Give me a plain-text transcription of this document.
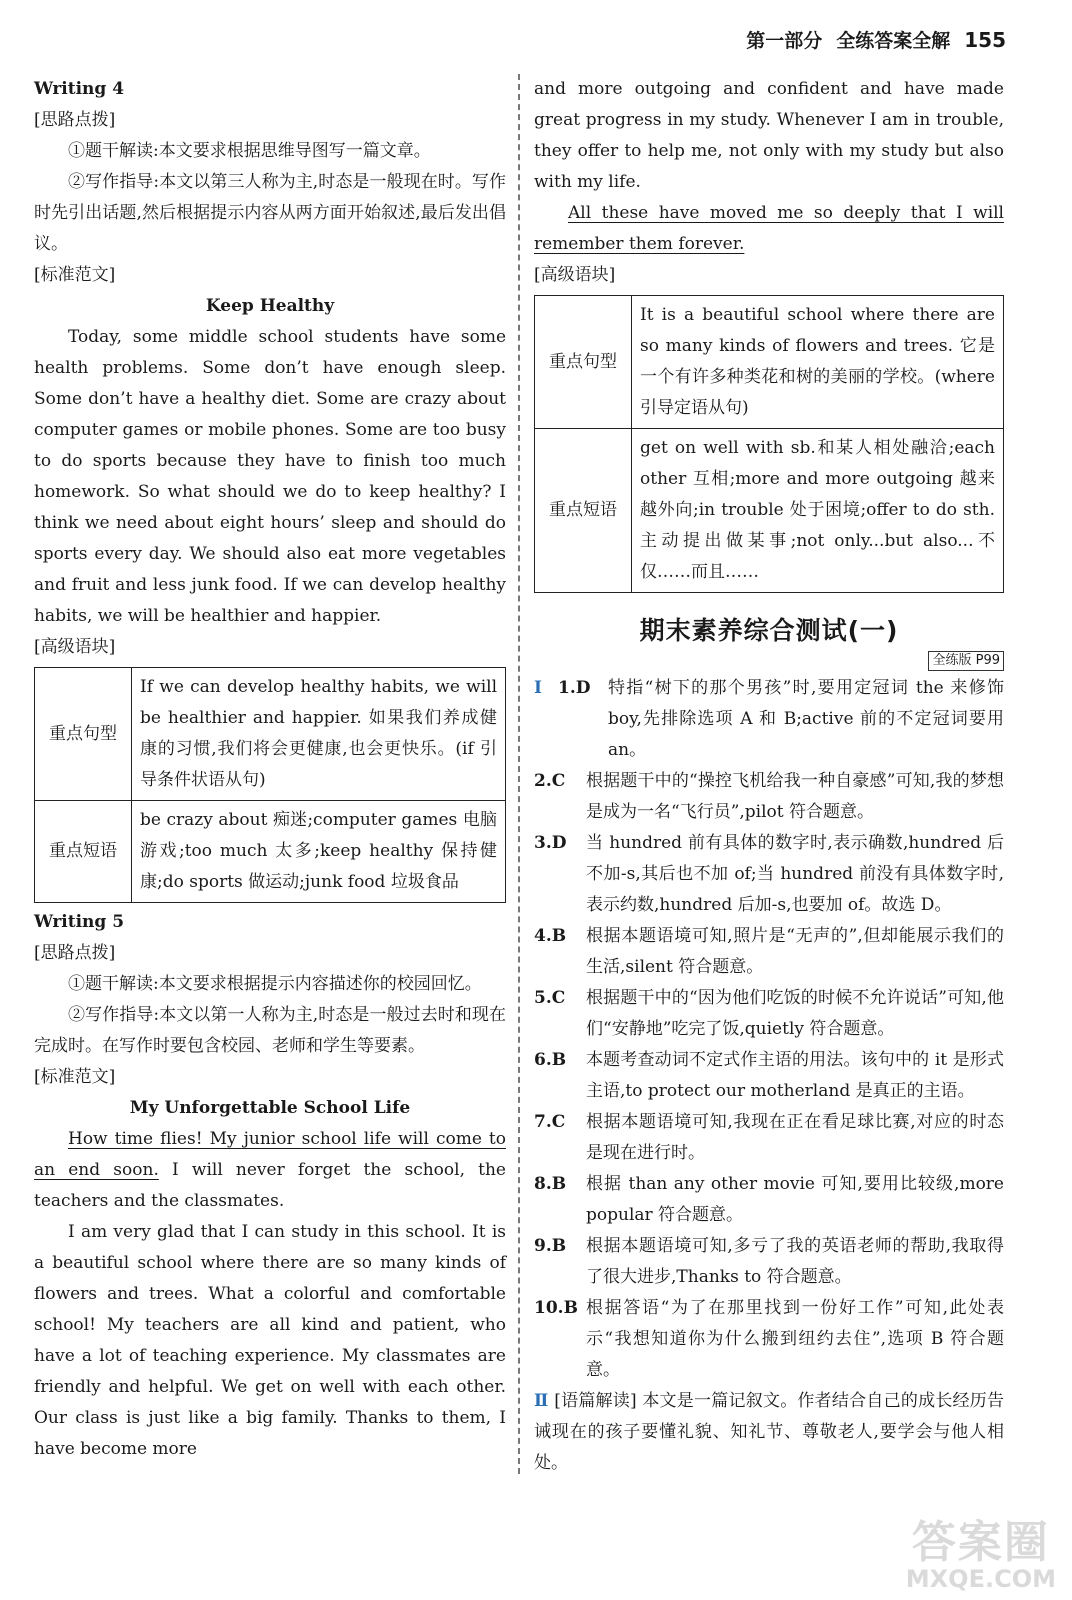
第一部分 全练答案全解 155
Writing 4
[思路点拨]

①题干解读:本文要求根据思维导图写一篇文章。

②写作指导:本文以第三人称为主,时态是一般现在时。写作时先引出话题,然后根据提示内容从两方面开始叙述,最后发出倡议。

[标准范文]
Keep Healthy

Today, some middle school students have some health problems. Some don’t have enough sleep. Some don’t have a healthy diet. Some are crazy about computer games or mobile phones. Some are too busy to do sports because they have to finish too much homework. So what should we do to keep healthy? I think we need about eight hours’ sleep and should do sports every day. We should also eat more vegetables and fruit and less junk food. If we can develop healthy habits, we will be healthier and happier.

[高级语块]
重点句型	If we can develop healthy habits, we will be healthier and happier. 如果我们养成健康的习惯,我们将会更健康,也会更快乐。(if 引导条件状语从句)
重点短语	be crazy about 痴迷;computer games 电脑游戏;too much 太多;keep healthy 保持健康;do sports 做运动;junk food 垃圾食品
Writing 5
[思路点拨]

①题干解读:本文要求根据提示内容描述你的校园回忆。

②写作指导:本文以第一人称为主,时态是一般过去时和现在完成时。在写作时要包含校园、老师和学生等要素。

[标准范文]
My Unforgettable School Life

How time flies! My junior school life will come to an end soon. I will never forget the school, the teachers and the classmates.

I am very glad that I can study in this school. It is a beautiful school where there are so many kinds of flowers and trees. What a colorful and comfortable school! My teachers are all kind and patient, who have a lot of teaching experience. My classmates are friendly and helpful. We get on well with each other. Our class is just like a big family. Thanks to them, I have become more

and more outgoing and confident and have made great progress in my study. Whenever I am in trouble, they offer to help me, not only with my study but also with my life.

All these have moved me so deeply that I will remember them forever.

[高级语块]
重点句型	It is a beautiful school where there are so many kinds of flowers and trees. 它是一个有许多种类花和树的美丽的学校。(where 引导定语从句)
重点短语	get on well with sb.和某人相处融洽;each other 互相;more and more outgoing 越来越外向;in trouble 处于困境;offer to do sth.主动提出做某事;not only...but also...不仅……而且……
期末素养综合测试(一)
全练版 P99
Ⅰ 1.D	特指“树下的那个男孩”时,要用定冠词 the 来修饰 boy,先排除选项 A 和 B;active 前的不定冠词要用 an。
2.C	根据题干中的“操控飞机给我一种自豪感”可知,我的梦想是成为一名“飞行员”,pilot 符合题意。
3.D	当 hundred 前有具体的数字时,表示确数,hundred 后不加-s,其后也不加 of;当 hundred 前没有具体数字时,表示约数,hundred 后加-s,也要加 of。故选 D。
4.B	根据本题语境可知,照片是“无声的”,但却能展示我们的生活,silent 符合题意。
5.C	根据题干中的“因为他们吃饭的时候不允许说话”可知,他们“安静地”吃完了饭,quietly 符合题意。
6.B	本题考查动词不定式作主语的用法。该句中的 it 是形式主语,to protect our motherland 是真正的主语。
7.C	根据本题语境可知,我现在正在看足球比赛,对应的时态是现在进行时。
8.B	根据 than any other movie 可知,要用比较级,more popular 符合题意。
9.B	根据本题语境可知,多亏了我的英语老师的帮助,我取得了很大进步,Thanks to 符合题意。
10.B 根据答语“为了在那里找到一份好工作”可知,此处表示“我想知道你为什么搬到纽约去住”,选项 B 符合题意。
Ⅱ [语篇解读] 本文是一篇记叙文。作者结合自己的成长经历告诫现在的孩子要懂礼貌、知礼节、尊敬老人,要学会与他人相处。
答案圈
MXQE.COM
